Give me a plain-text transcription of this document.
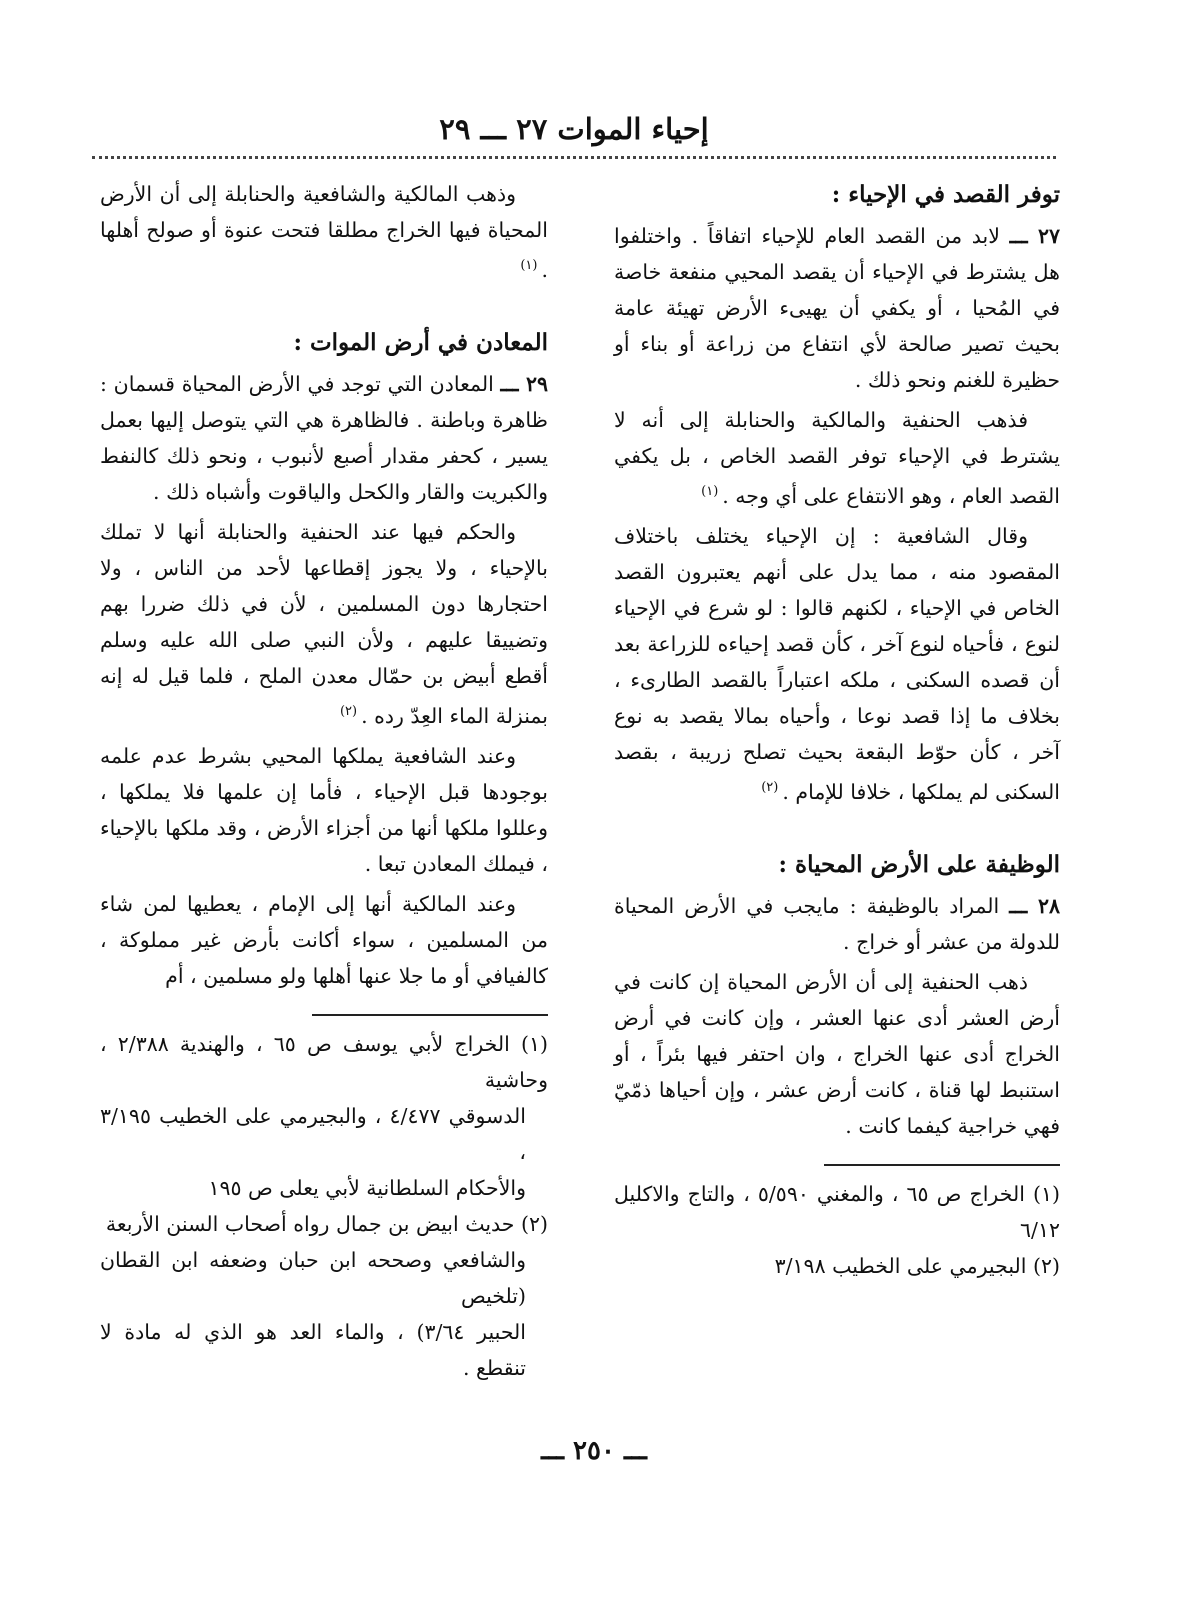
إحياء الموات ٢٧ ـــ ٢٩
توفر القصد في الإحياء :

٢٧ ـــ لابد من القصد العام للإحياء اتفاقاً . واختلفوا هل يشترط في الإحياء أن يقصد المحيي منفعة خاصة في المُحيا ، أو يكفي أن يهيىء الأرض تهيئة عامة بحيث تصير صالحة لأي انتفاع من زراعة أو بناء أو حظيرة للغنم ونحو ذلك .

فذهب الحنفية والمالكية والحنابلة إلى أنه لا يشترط في الإحياء توفر القصد الخاص ، بل يكفي القصد العام ، وهو الانتفاع على أي وجه .$^{(١)}$

وقال الشافعية : إن الإحياء يختلف باختلاف المقصود منه ، مما يدل على أنهم يعتبرون القصد الخاص في الإحياء ، لكنهم قالوا : لو شرع في الإحياء لنوع ، فأحياه لنوع آخر ، كأن قصد إحياءه للزراعة بعد أن قصده السكنى ، ملكه اعتباراً بالقصد الطارىء ، بخلاف ما إذا قصد نوعا ، وأحياه بمالا يقصد به نوع آخر ، كأن حوّط البقعة بحيث تصلح زريبة ، بقصد السكنى لم يملكها ، خلافا للإمام .$^{(٢)}$

الوظيفة على الأرض المحياة :

٢٨ ـــ المراد بالوظيفة : مايجب في الأرض المحياة للدولة من عشر أو خراج .

ذهب الحنفية إلى أن الأرض المحياة إن كانت في أرض العشر أدى عنها العشر ، وإن كانت في أرض الخراج أدى عنها الخراج ، وان احتفر فيها بئراً ، أو استنبط لها قناة ، كانت أرض عشر ، وإن أحياها ذمّيّ فهي خراجية كيفما كانت .

(١) الخراج ص ٦٥ ، والمغني ٥/٥٩٠ ، والتاج والاكليل ٦/١٢

(٢) البجيرمي على الخطيب ٣/١٩٨

وذهب المالكية والشافعية والحنابلة إلى أن الأرض المحياة فيها الخراج مطلقا فتحت عنوة أو صولح أهلها .$^{(١)}$

المعادن في أرض الموات :

٢٩ ـــ المعادن التي توجد في الأرض المحياة قسمان : ظاهرة وباطنة . فالظاهرة هي التي يتوصل إليها بعمل يسير ، كحفر مقدار أصبع لأنبوب ، ونحو ذلك كالنفط والكبريت والقار والكحل والياقوت وأشباه ذلك .

والحكم فيها عند الحنفية والحنابلة أنها لا تملك بالإحياء ، ولا يجوز إقطاعها لأحد من الناس ، ولا احتجارها دون المسلمين ، لأن في ذلك ضررا بهم وتضييقا عليهم ، ولأن النبي صلى الله عليه وسلم أقطع أبيض بن حمّال معدن الملح ، فلما قيل له إنه بمنزلة الماء العِدّ رده .$^{(٢)}$

وعند الشافعية يملكها المحيي بشرط عدم علمه بوجودها قبل الإحياء ، فأما إن علمها فلا يملكها ، وعللوا ملكها أنها من أجزاء الأرض ، وقد ملكها بالإحياء ، فيملك المعادن تبعا .

وعند المالكية أنها إلى الإمام ، يعطيها لمن شاء من المسلمين ، سواء أكانت بأرض غير مملوكة ، كالفيافي أو ما جلا عنها أهلها ولو مسلمين ، أم

(١) الخراج لأبي يوسف ص ٦٥ ، والهندية ٢/٣٨٨ ، وحاشية

الدسوقي ٤/٤٧٧ ، والبجيرمي على الخطيب ٣/١٩٥ ،

والأحكام السلطانية لأبي يعلى ص ١٩٥

(٢) حديث ابيض بن جمال رواه أصحاب السنن الأربعة

والشافعي وصححه ابن حبان وضعفه ابن القطان (تلخيص

الحبير ٣/٦٤) ، والماء العد هو الذي له مادة لا تنقطع .

ـــ ٢٥٠ ـــ
